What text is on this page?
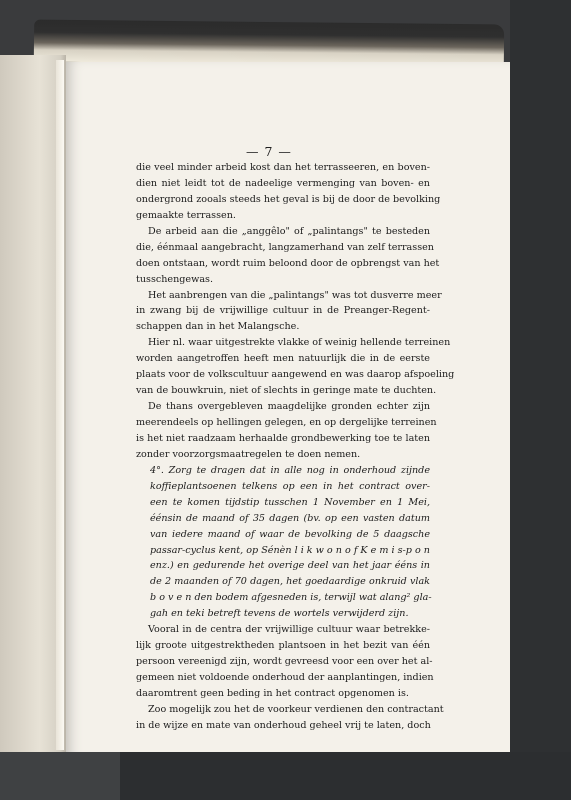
— 7 —
die veel minder arbeid kost dan het terrasseeren, en boven-
dien niet leidt tot de nadeelige vermenging van boven- en
ondergrond zooals steeds het geval is bij de door de bevolking
gemaakte terrassen.
De arbeid aan die „anggêlo" of „palintangs" te besteden
die, éénmaal aangebracht, langzamerhand van zelf terrassen
doen ontstaan, wordt ruim beloond door de opbrengst van het
tusschengewas.
Het aanbrengen van die „palintangs" was tot dusverre meer
in zwang bij de vrijwillige cultuur in de Preanger-Regent-
schappen dan in het Malangsche.
Hier nl. waar uitgestrekte vlakke of weinig hellende terreinen
worden aangetroffen heeft men natuurlijk die in de eerste
plaats voor de volkscultuur aangewend en was daarop afspoeling
van de bouwkruin, niet of slechts in geringe mate te duchten.
De thans overgebleven maagdelijke gronden echter zijn
meerendeels op hellingen gelegen, en op dergelijke terreinen
is het niet raadzaam herhaalde grondbewerking toe te laten
zonder voorzorgsmaatregelen te doen nemen.
4°. Zorg te dragen dat in alle nog in onderhoud zijnde
koffieplantsoenen telkens op een in het contract over-
een te komen tijdstip tusschen 1 November en 1 Mei,
éénsin de maand of 35 dagen (bv. op een vasten datum
van iedere maand of waar de bevolking de 5 daagsche
passar-cyclus kent, op Sénèn l i k w o n o f K e m i s-p o n
enz.) en gedurende het overige deel van het jaar ééns in
de 2 maanden of 70 dagen, het goedaardige onkruid vlak
b o v e n den bodem afgesneden is, terwijl wat alang² gla-
gah en teki betreft tevens de wortels verwijderd zijn.
Vooral in de centra der vrijwillige cultuur waar betrekke-
lijk groote uitgestrektheden plantsoen in het bezit van één
persoon vereenigd zijn, wordt gevreesd voor een over het al-
gemeen niet voldoende onderhoud der aanplantingen, indien
daaromtrent geen beding in het contract opgenomen is.
Zoo mogelijk zou het de voorkeur verdienen den contractant
in de wijze en mate van onderhoud geheel vrij te laten, doch
